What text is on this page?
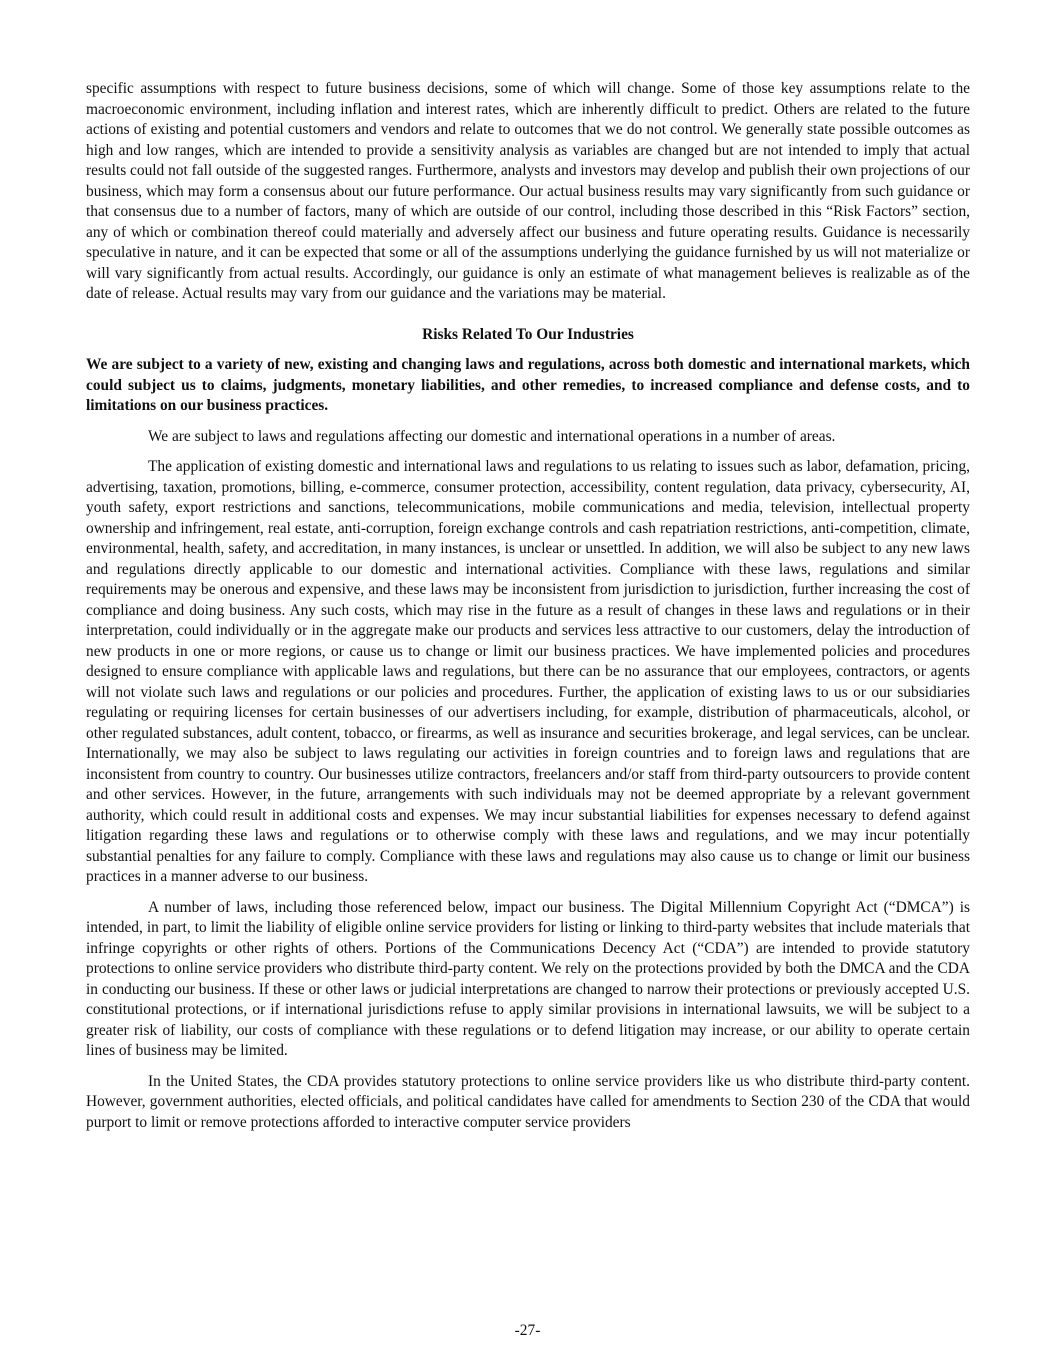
specific assumptions with respect to future business decisions, some of which will change. Some of those key assumptions relate to the macroeconomic environment, including inflation and interest rates, which are inherently difficult to predict. Others are related to the future actions of existing and potential customers and vendors and relate to outcomes that we do not control. We generally state possible outcomes as high and low ranges, which are intended to provide a sensitivity analysis as variables are changed but are not intended to imply that actual results could not fall outside of the suggested ranges. Furthermore, analysts and investors may develop and publish their own projections of our business, which may form a consensus about our future performance. Our actual business results may vary significantly from such guidance or that consensus due to a number of factors, many of which are outside of our control, including those described in this “Risk Factors” section, any of which or combination thereof could materially and adversely affect our business and future operating results. Guidance is necessarily speculative in nature, and it can be expected that some or all of the assumptions underlying the guidance furnished by us will not materialize or will vary significantly from actual results. Accordingly, our guidance is only an estimate of what management believes is realizable as of the date of release. Actual results may vary from our guidance and the variations may be material.

Risks Related To Our Industries

We are subject to a variety of new, existing and changing laws and regulations, across both domestic and international markets, which could subject us to claims, judgments, monetary liabilities, and other remedies, to increased compliance and defense costs, and to limitations on our business practices.

We are subject to laws and regulations affecting our domestic and international operations in a number of areas.

The application of existing domestic and international laws and regulations to us relating to issues such as labor, defamation, pricing, advertising, taxation, promotions, billing, e-commerce, consumer protection, accessibility, content regulation, data privacy, cybersecurity, AI, youth safety, export restrictions and sanctions, telecommunications, mobile communications and media, television, intellectual property ownership and infringement, real estate, anti-corruption, foreign exchange controls and cash repatriation restrictions, anti-competition, climate, environmental, health, safety, and accreditation, in many instances, is unclear or unsettled. In addition, we will also be subject to any new laws and regulations directly applicable to our domestic and international activities. Compliance with these laws, regulations and similar requirements may be onerous and expensive, and these laws may be inconsistent from jurisdiction to jurisdiction, further increasing the cost of compliance and doing business. Any such costs, which may rise in the future as a result of changes in these laws and regulations or in their interpretation, could individually or in the aggregate make our products and services less attractive to our customers, delay the introduction of new products in one or more regions, or cause us to change or limit our business practices. We have implemented policies and procedures designed to ensure compliance with applicable laws and regulations, but there can be no assurance that our employees, contractors, or agents will not violate such laws and regulations or our policies and procedures. Further, the application of existing laws to us or our subsidiaries regulating or requiring licenses for certain businesses of our advertisers including, for example, distribution of pharmaceuticals, alcohol, or other regulated substances, adult content, tobacco, or firearms, as well as insurance and securities brokerage, and legal services, can be unclear. Internationally, we may also be subject to laws regulating our activities in foreign countries and to foreign laws and regulations that are inconsistent from country to country. Our businesses utilize contractors, freelancers and/or staff from third-party outsourcers to provide content and other services. However, in the future, arrangements with such individuals may not be deemed appropriate by a relevant government authority, which could result in additional costs and expenses. We may incur substantial liabilities for expenses necessary to defend against litigation regarding these laws and regulations or to otherwise comply with these laws and regulations, and we may incur potentially substantial penalties for any failure to comply. Compliance with these laws and regulations may also cause us to change or limit our business practices in a manner adverse to our business.

A number of laws, including those referenced below, impact our business. The Digital Millennium Copyright Act (“DMCA”) is intended, in part, to limit the liability of eligible online service providers for listing or linking to third-party websites that include materials that infringe copyrights or other rights of others. Portions of the Communications Decency Act (“CDA”) are intended to provide statutory protections to online service providers who distribute third-party content. We rely on the protections provided by both the DMCA and the CDA in conducting our business. If these or other laws or judicial interpretations are changed to narrow their protections or previously accepted U.S. constitutional protections, or if international jurisdictions refuse to apply similar provisions in international lawsuits, we will be subject to a greater risk of liability, our costs of compliance with these regulations or to defend litigation may increase, or our ability to operate certain lines of business may be limited.

In the United States, the CDA provides statutory protections to online service providers like us who distribute third-party content. However, government authorities, elected officials, and political candidates have called for amendments to Section 230 of the CDA that would purport to limit or remove protections afforded to interactive computer service providers

-27-
